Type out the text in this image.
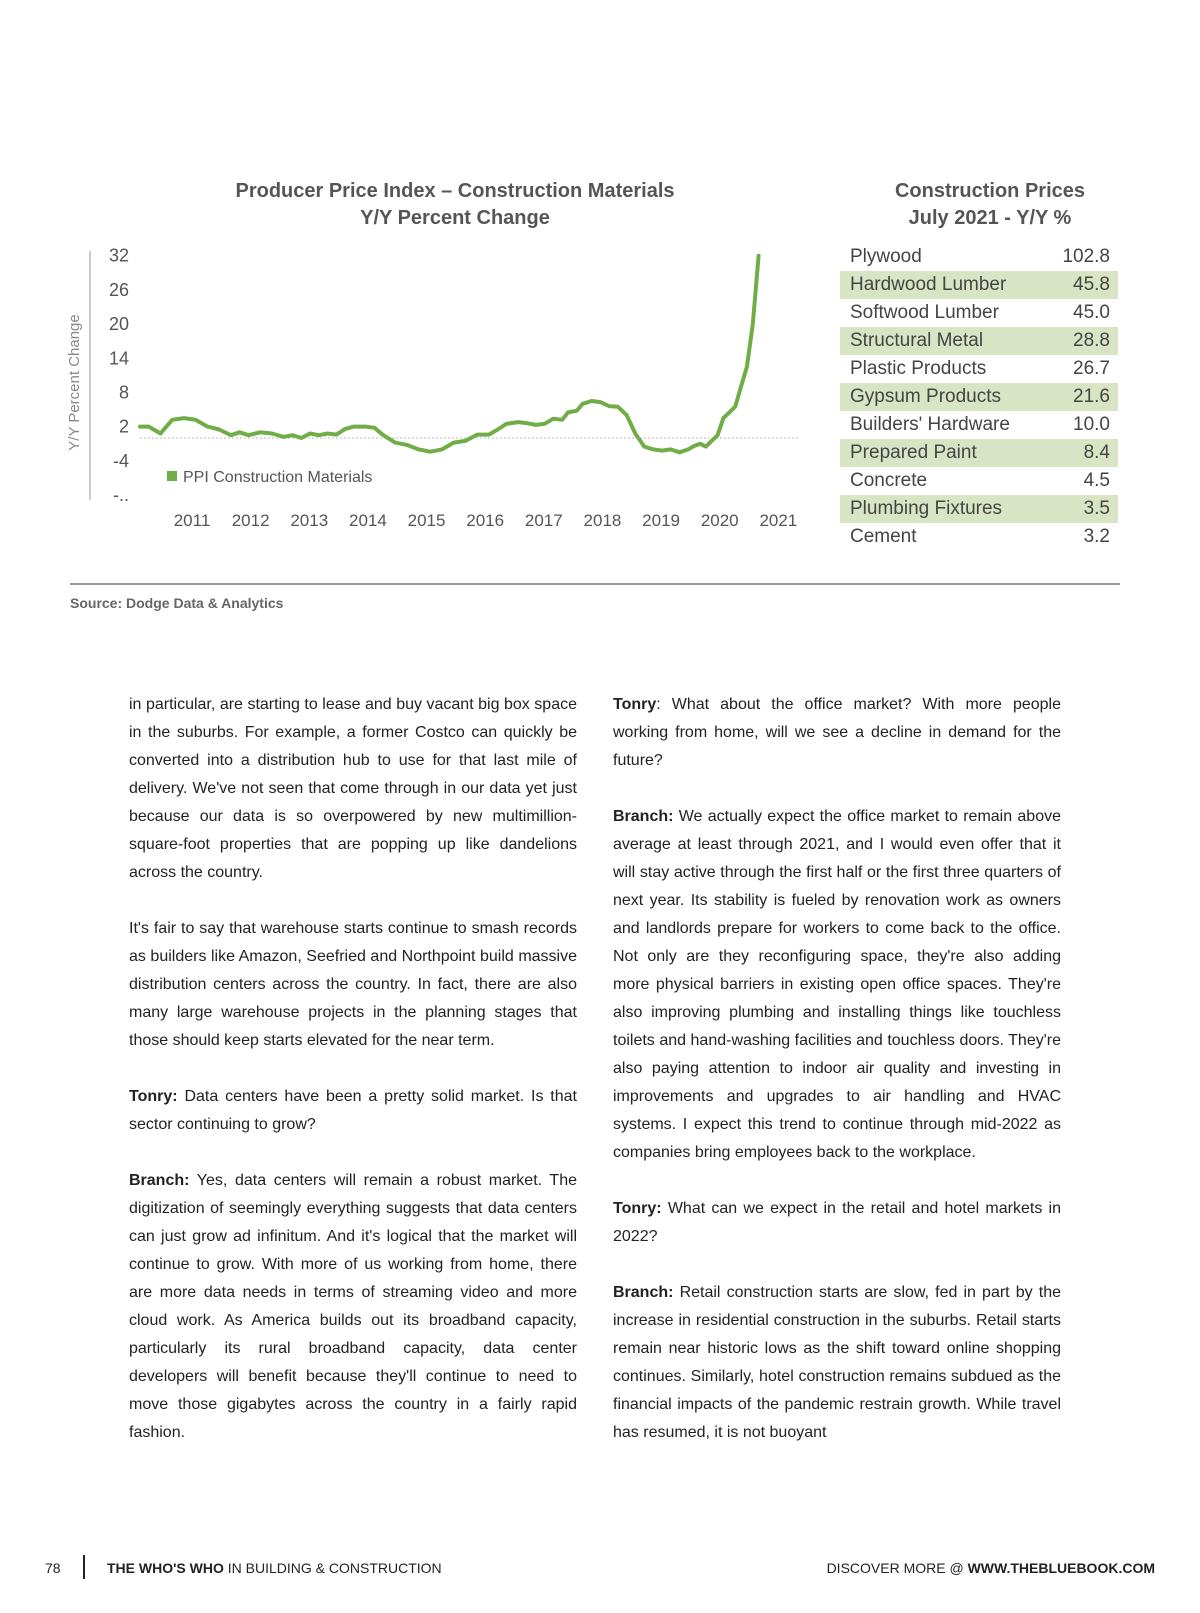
Producer Price Index – Construction Materials
Y/Y Percent Change
Y/Y Percent Change
32
26
20
14
8
2
-4
-..
2011 2012 2013 2014 2015 2016 2017 2018 2019 2020 2021
PPI Construction Materials
Construction Prices
July 2021 - Y/Y %
Plywood	102.8
Hardwood Lumber	45.8
Softwood Lumber	45.0
Structural Metal	28.8
Plastic Products	26.7
Gypsum Products	21.6
Builders' Hardware	10.0
Prepared Paint	8.4
Concrete	4.5
Plumbing Fixtures	3.5
Cement	3.2
Source: Dodge Data & Analytics

in particular, are starting to lease and buy vacant big box space in the suburbs. For example, a former Costco can quickly be converted into a distribution hub to use for that last mile of delivery. We've not seen that come through in our data yet just because our data is so overpowered by new multimillion-square-foot properties that are popping up like dandelions across the country.

It's fair to say that warehouse starts continue to smash records as builders like Amazon, Seefried and Northpoint build massive distribution centers across the country. In fact, there are also many large warehouse projects in the planning stages that those should keep starts elevated for the near term.

Tonry: Data centers have been a pretty solid market. Is that sector continuing to grow?

Branch: Yes, data centers will remain a robust market. The digitization of seemingly everything suggests that data centers can just grow ad infinitum. And it's logical that the market will continue to grow. With more of us working from home, there are more data needs in terms of streaming video and more cloud work. As America builds out its broadband capacity, particularly its rural broadband capacity, data center developers will benefit because they'll continue to need to move those gigabytes across the country in a fairly rapid fashion.

Tonry: What about the office market? With more people working from home, will we see a decline in demand for the future?

Branch: We actually expect the office market to remain above average at least through 2021, and I would even offer that it will stay active through the first half or the first three quarters of next year. Its stability is fueled by renovation work as owners and landlords prepare for workers to come back to the office. Not only are they reconfiguring space, they're also adding more physical barriers in existing open office spaces. They're also improving plumbing and installing things like touchless toilets and hand-washing facilities and touchless doors. They're also paying attention to indoor air quality and investing in improvements and upgrades to air handling and HVAC systems. I expect this trend to continue through mid-2022 as companies bring employees back to the workplace.

Tonry: What can we expect in the retail and hotel markets in 2022?

Branch: Retail construction starts are slow, fed in part by the increase in residential construction in the suburbs. Retail starts remain near historic lows as the shift toward online shopping continues. Similarly, hotel construction remains subdued as the financial impacts of the pandemic restrain growth. While travel has resumed, it is not buoyant

78	THE WHO'S WHO IN BUILDING & CONSTRUCTION	DISCOVER MORE @ WWW.THEBLUEBOOK.COM
